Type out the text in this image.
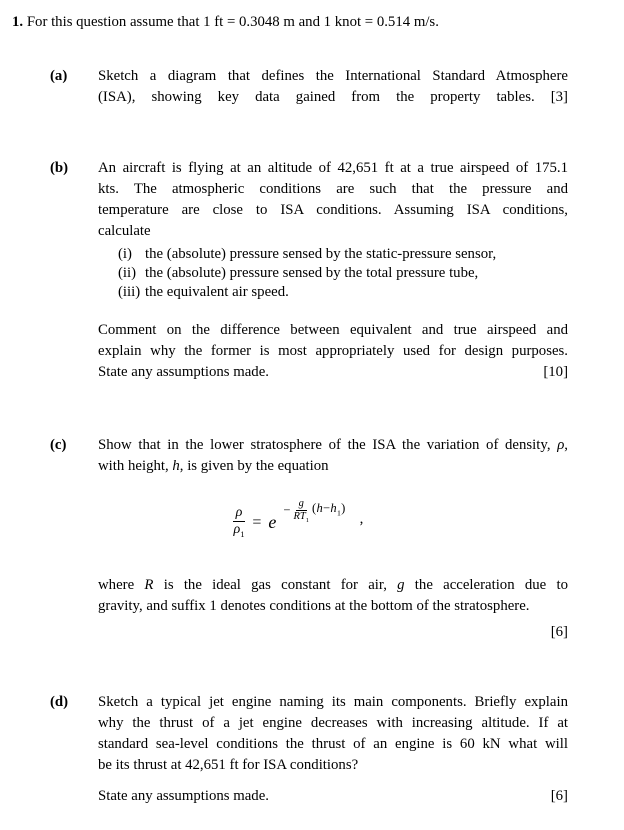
1. For this question assume that 1 ft = 0.3048 m and 1 knot = 0.514 m/s.
(a)	Sketch a diagram that defines the International Standard Atmosphere
(ISA), showing key data gained from the property tables. [3]
(b)	An aircraft is flying at an altitude of 42,651 ft at a true airspeed of 175.1
kts. The atmospheric conditions are such that the pressure and
temperature are close to ISA conditions. Assuming ISA conditions,
calculate
(i) the (absolute) pressure sensed by the static-pressure sensor,
(ii) the (absolute) pressure sensed by the total pressure tube,
(iii) the equivalent air speed.
Comment on the difference between equivalent and true airspeed and
explain why the former is most appropriately used for design purposes.
State any assumptions made.	[10]
(c)	Show that in the lower stratosphere of the ISA the variation of density, ρ,
with height, h, is given by the equation
$\frac{\rho}{\rho_1} = e$
− $\frac{g}{RT_1} (h-h_1)$
,
where R is the ideal gas constant for air, g the acceleration due to
gravity, and suffix 1 denotes conditions at the bottom of the stratosphere.
[6]
(d)	Sketch a typical jet engine naming its main components. Briefly explain
why the thrust of a jet engine decreases with increasing altitude. If at
standard sea-level conditions the thrust of an engine is 60 kN what will
be its thrust at 42,651 ft for ISA conditions?
State any assumptions made.	[6]
